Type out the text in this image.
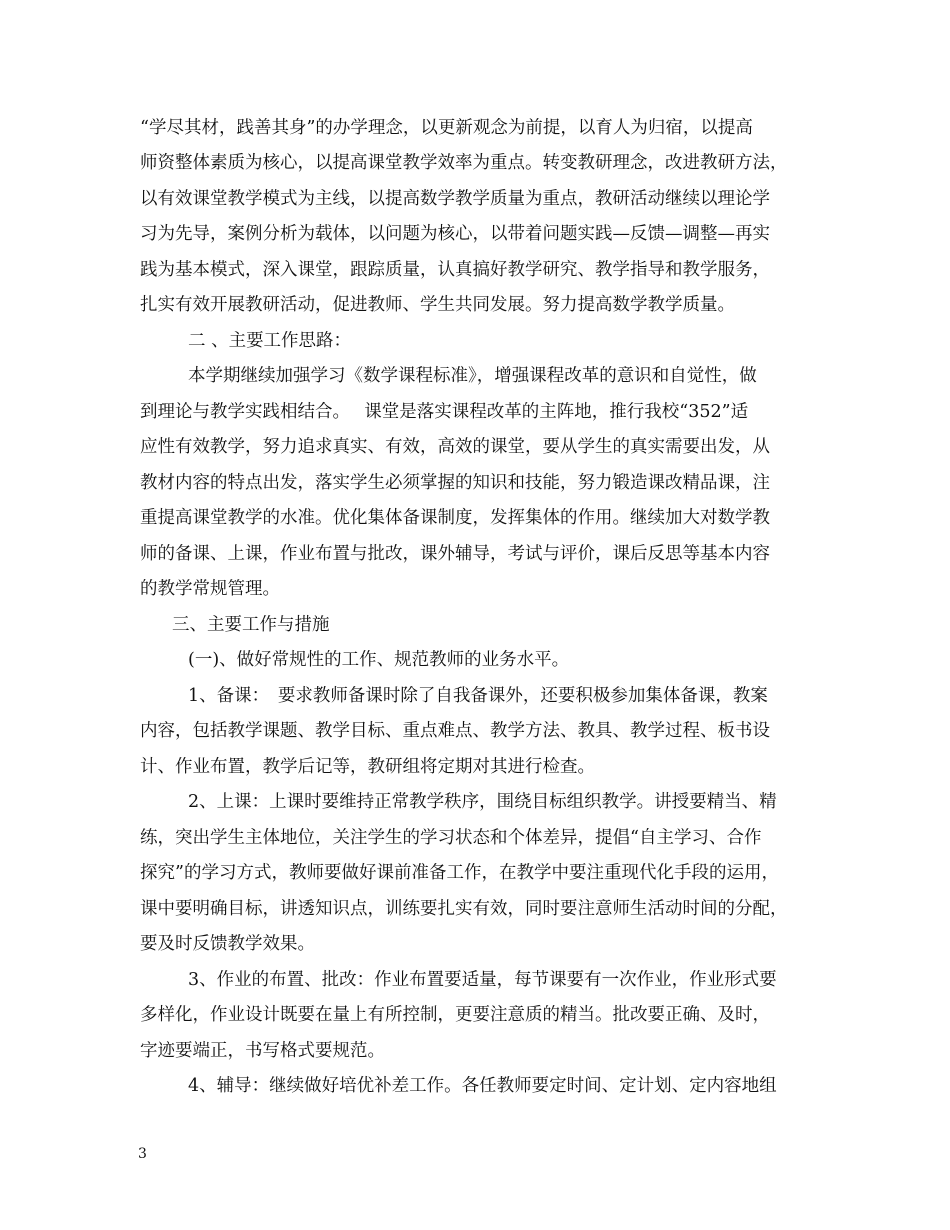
“学尽其材，践善其身”的办学理念，以更新观念为前提，以育人为归宿，以提高
师资整体素质为核心，以提高课堂教学效率为重点。转变教研理念，改进教研方法，
以有效课堂教学模式为主线，以提高数学教学质量为重点，教研活动继续以理论学
习为先导，案例分析为载体，以问题为核心，以带着问题实践—反馈—调整—再实
践为基本模式，深入课堂，跟踪质量，认真搞好教学研究、教学指导和教学服务，
扎实有效开展教研活动，促进教师、学生共同发展。努力提高数学教学质量。
二 、主要工作思路：
本学期继续加强学习《数学课程标准》，增强课程改革的意识和自觉性，做
到理论与教学实践相结合。　 课堂是落实课程改革的主阵地，推行我校“352”适
应性有效教学，努力追求真实、有效，高效的课堂，要从学生的真实需要出发，从
教材内容的特点出发，落实学生必须掌握的知识和技能，努力锻造课改精品课，注
重提高课堂教学的水准。优化集体备课制度，发挥集体的作用。继续加大对数学教
师的备课、上课，作业布置与批改，课外辅导，考试与评价，课后反思等基本内容
的教学常规管理。
三、主要工作与措施
(一)、做好常规性的工作、规范教师的业务水平。
1、备课：　要求教师备课时除了自我备课外，还要积极参加集体备课，教案
内容，包括教学课题、教学目标、重点难点、教学方法、教具、教学过程、板书设
计、作业布置，教学后记等，教研组将定期对其进行检查。
2、上课：上课时要维持正常教学秩序，围绕目标组织教学。讲授要精当、精
练，突出学生主体地位，关注学生的学习状态和个体差异，提倡“自主学习、合作
探究”的学习方式，教师要做好课前准备工作，在教学中要注重现代化手段的运用，
课中要明确目标，讲透知识点，训练要扎实有效，同时要注意师生活动时间的分配，
要及时反馈教学效果。
3、作业的布置、批改：作业布置要适量，每节课要有一次作业，作业形式要
多样化，作业设计既要在量上有所控制，更要注意质的精当。批改要正确、及时，
字迹要端正，书写格式要规范。
4、辅导：继续做好培优补差工作。各任教师要定时间、定计划、定内容地组
3
